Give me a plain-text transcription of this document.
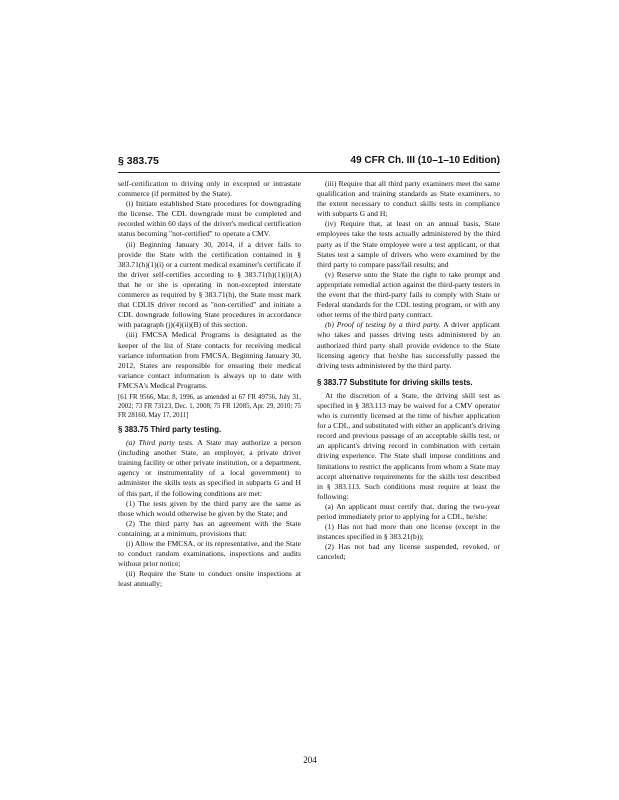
§ 383.75	49 CFR Ch. III (10–1–10 Edition)

self-certification to driving only in excepted or intrastate commerce (if permitted by the State).

(i) Initiate established State procedures for downgrading the license. The CDL downgrade must be completed and recorded within 60 days of the driver's medical certification status becoming "not-certified" to operate a CMV.

(ii) Beginning January 30, 2014, if a driver fails to provide the State with the certification contained in § 383.71(h)(1)(i) or a current medical examiner's certificate if the driver self-certifies according to § 383.71(h)(1)(i)(A) that he or she is operating in non-excepted interstate commerce as required by § 383.71(h), the State must mark that CDLIS driver record as "non-certified" and initiate a CDL downgrade following State procedures in accordance with paragraph (j)(4)(ii)(B) of this section.

(iii) FMCSA Medical Programs is designated as the keeper of the list of State contacts for receiving medical variance information from FMCSA. Beginning January 30, 2012, States are responsible for ensuring their medical variance contact information is always up to date with FMCSA's Medical Programs.

[61 FR 9566, Mar. 8, 1996, as amended at 67 FR 49756, July 31, 2002; 73 FR 73123, Dec. 1, 2008; 75 FR 12085, Apr. 29, 2010; 75 FR 28160, May 17, 2011]

§ 383.75 Third party testing.

(a) Third party tests. A State may authorize a person (including another State, an employer, a private driver training facility or other private institution, or a department, agency or instrumentality of a local government) to administer the skills tests as specified in subparts G and H of this part, if the following conditions are met:

(1) The tests given by the third party are the same as those which would otherwise be given by the State; and

(2) The third party has an agreement with the State containing, at a minimum, provisions that:

(i) Allow the FMCSA, or its representative, and the State to conduct random examinations, inspections and audits without prior notice;

(ii) Require the State to conduct onsite inspections at least annually;

(iii) Require that all third party examiners meet the same qualification and training standards as State examiners, to the extent necessary to conduct skills tests in compliance with subparts G and H;

(iv) Require that, at least on an annual basis, State employees take the tests actually administered by the third party as if the State employee were a test applicant, or that States test a sample of drivers who were examined by the third party to compare pass/fail results; and

(v) Reserve unto the State the right to take prompt and appropriate remedial action against the third-party testers in the event that the third-party fails to comply with State or Federal standards for the CDL testing program, or with any other terms of the third party contract.

(b) Proof of testing by a third party. A driver applicant who takes and passes driving tests administered by an authorized third party shall provide evidence to the State licensing agency that he/she has successfully passed the driving tests administered by the third party.

§ 383.77 Substitute for driving skills tests.

At the discretion of a State, the driving skill test as specified in § 383.113 may be waived for a CMV operator who is currently licensed at the time of his/her application for a CDL, and substituted with either an applicant's driving record and previous passage of an acceptable skills test, or an applicant's driving record in combination with certain driving experience. The State shall impose conditions and limitations to restrict the applicants from whom a State may accept alternative requirements for the skills test described in § 383.113. Such conditions must require at least the following:

(a) An applicant must certify that, during the two-year period immediately prior to applying for a CDL, he/she:

(1) Has not had more than one license (except in the instances specified in § 383.21(b));

(2) Has not had any license suspended, revoked, or canceled;

204
